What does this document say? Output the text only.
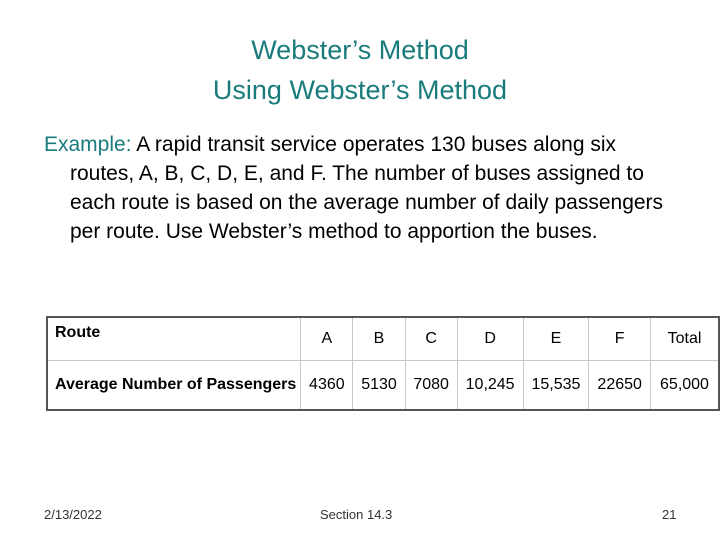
Webster’s Method
Using Webster’s Method

Example: A rapid transit service operates 130 buses along six routes, A, B, C, D, E, and F. The number of buses assigned to each route is based on the average number of daily passengers per route. Use Webster’s method to apportion the buses.

Route	A	B	C	D	E	F	Total
Average Number of Passengers	4360	5130	7080	10,245	15,535	22650	65,000
2/13/2022	Section 14.3	21
